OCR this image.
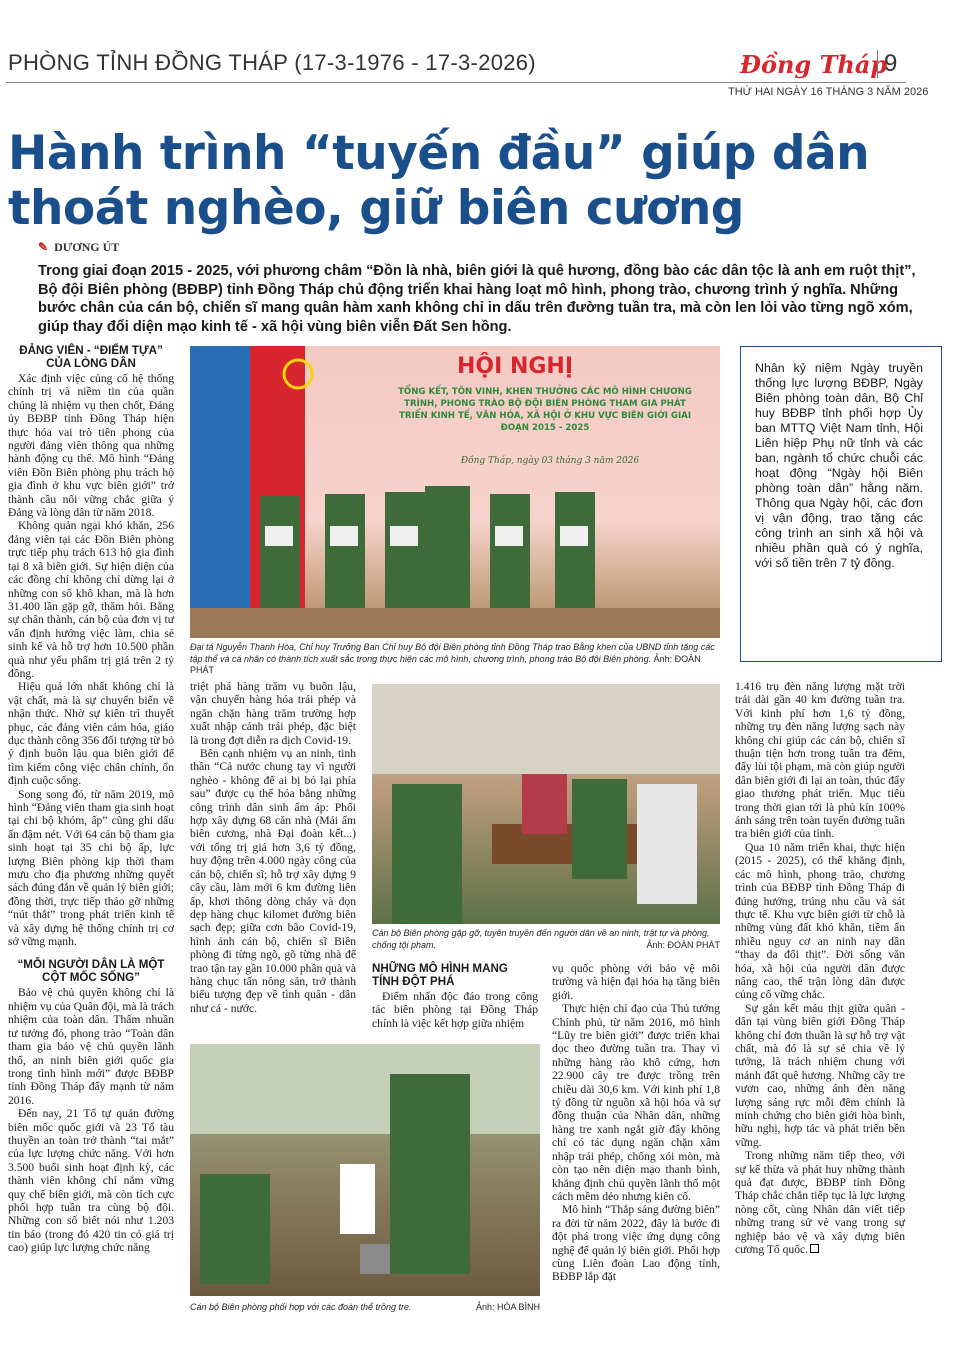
PHÒNG TỈNH ĐỒNG THÁP (17-3-1976 - 17-3-2026)	Đồng Tháp
9
THỨ HAI NGÀY 16 THÁNG 3 NĂM 2026
Hành trình “tuyến đầu” giúp dân
thoát nghèo, giữ biên cương
✎ DƯƠNG ÚT
Trong giai đoạn 2015 - 2025, với phương châm “Đồn là nhà, biên giới là quê hương, đồng bào các dân tộc là anh em ruột thịt”, Bộ đội Biên phòng (BĐBP) tỉnh Đồng Tháp chủ động triển khai hàng loạt mô hình, phong trào, chương trình ý nghĩa. Những bước chân của cán bộ, chiến sĩ mang quân hàm xanh không chỉ in dấu trên đường tuần tra, mà còn len lỏi vào từng ngõ xóm, giúp thay đổi diện mạo kinh tế - xã hội vùng biên viễn Đất Sen hồng.
ĐẢNG VIÊN - “ĐIỂM TỰA” CỦA LÒNG DÂN

Xác định việc củng cố hệ thống chính trị và niềm tin của quần chúng là nhiệm vụ then chốt, Đảng ủy BĐBP tỉnh Đồng Tháp hiện thực hóa vai trò tiên phong của người đảng viên thông qua những hành động cụ thể. Mô hình “Đảng viên Đồn Biên phòng phụ trách hộ gia đình ở khu vực biên giới” trở thành cầu nối vững chắc giữa ý Đảng và lòng dân từ năm 2018.

Không quản ngại khó khăn, 256 đảng viên tại các Đồn Biên phòng trực tiếp phụ trách 613 hộ gia đình tại 8 xã biên giới. Sự hiện diện của các đồng chí không chỉ dừng lại ở những con số khô khan, mà là hơn 31.400 lần gặp gỡ, thăm hỏi. Bằng sự chân thành, cán bộ của đơn vị tư vấn định hướng việc làm, chia sẻ sinh kế và hỗ trợ hơn 10.500 phần quà như yếu phẩm trị giá trên 2 tỷ đồng.

Hiệu quả lớn nhất không chỉ là vật chất, mà là sự chuyển biến về nhận thức. Nhờ sự kiên trì thuyết phục, các đảng viên cảm hóa, giáo dục thành công 356 đối tượng từ bỏ ý định buôn lậu qua biên giới để tìm kiếm công việc chân chính, ổn định cuộc sống.

Song song đó, từ năm 2019, mô hình “Đảng viên tham gia sinh hoạt tại chi bộ khóm, ấp” cũng ghi dấu ấn đậm nét. Với 64 cán bộ tham gia sinh hoạt tại 35 chi bộ ấp, lực lượng Biên phòng kịp thời tham mưu cho địa phương những quyết sách đúng đắn về quản lý biên giới; đồng thời, trực tiếp tháo gỡ những “nút thắt” trong phát triển kinh tế và xây dựng hệ thống chính trị cơ sở vững mạnh.

“MỖI NGƯỜI DÂN LÀ MỘT CỘT MỐC SỐNG”

Bảo vệ chủ quyền không chỉ là nhiệm vụ của Quân đội, mà là trách nhiệm của toàn dân. Thấm nhuần tư tưởng đó, phong trào “Toàn dân tham gia bảo vệ chủ quyền lãnh thổ, an ninh biên giới quốc gia trong tình hình mới” được BĐBP tỉnh Đồng Tháp đẩy mạnh từ năm 2016.

Đến nay, 21 Tổ tự quản đường biên mốc quốc giới và 23 Tổ tàu thuyền an toàn trở thành “tai mắt” của lực lượng chức năng. Với hơn 3.500 buổi sinh hoạt định kỳ, các thành viên không chỉ nắm vững quy chế biên giới, mà còn tích cực phối hợp tuần tra cùng bộ đội. Những con số biết nói như 1.203 tin báo (trong đó 420 tin có giá trị cao) giúp lực lượng chức năng

HỘI NGHỊ
TỔNG KẾT, TÔN VINH, KHEN THƯỞNG CÁC MÔ HÌNH CHƯƠNG TRÌNH, PHONG TRÀO BỘ ĐỘI BIÊN PHÒNG THAM GIA PHÁT TRIỂN KINH TẾ, VĂN HÓA, XÃ HỘI Ở KHU VỰC BIÊN GIỚI GIAI ĐOẠN 2015 - 2025
Đồng Tháp, ngày 03 tháng 3 năm 2026
Đại tá Nguyễn Thanh Hòa, Chỉ huy Trưởng Ban Chỉ huy Bộ đội Biên phòng tỉnh Đồng Tháp trao Bằng khen của UBND tỉnh tặng các tập thể và cá nhân có thành tích xuất sắc trong thực hiện các mô hình, chương trình, phong trào Bộ đội Biên phòng. Ảnh: ĐOÀN PHÁT
Nhân kỷ niệm Ngày truyền thống lực lượng BĐBP, Ngày Biên phòng toàn dân, Bộ Chỉ huy BĐBP tỉnh phối hợp Ủy ban MTTQ Việt Nam tỉnh, Hội Liên hiệp Phụ nữ tỉnh và các ban, ngành tổ chức chuỗi các hoạt động “Ngày hội Biên phòng toàn dân” hằng năm. Thông qua Ngày hội, các đơn vị vận động, trao tặng các công trình an sinh xã hội và nhiều phần quà có ý nghĩa, với số tiền trên 7 tỷ đồng.

triệt phá hàng trăm vụ buôn lậu, vận chuyển hàng hóa trái phép và ngăn chặn hàng trăm trường hợp xuất nhập cảnh trái phép, đặc biệt là trong đợt diễn ra dịch Covid-19.

Bên cạnh nhiệm vụ an ninh, tinh thần “Cả nước chung tay vì người nghèo - không để ai bị bỏ lại phía sau” được cụ thể hóa bằng những công trình dân sinh ấm áp: Phối hợp xây dựng 68 căn nhà (Mái ấm biên cương, nhà Đại đoàn kết...) với tổng trị giá hơn 3,6 tỷ đồng, huy động trên 4.000 ngày công của cán bộ, chiến sĩ; hỗ trợ xây dựng 9 cây cầu, làm mới 6 km đường liên ấp, khơi thông dòng chảy và dọn dẹp hàng chục kilomet đường biên sạch đẹp; giữa cơn bão Covid-19, hình ảnh cán bộ, chiến sĩ Biên phòng đi từng ngõ, gõ từng nhà để trao tận tay gần 10.000 phần quà và hàng chục tấn nông sản, trở thành biểu tượng đẹp về tình quân - dân như cá - nước.

Cán bộ Biên phòng gặp gỡ, tuyên truyền đến người dân về an ninh, trật tự và phòng, chống tội phạm.	Ảnh: ĐOÀN PHÁT
NHỮNG MÔ HÌNH MANG TÍNH ĐỘT PHÁ

Điểm nhấn độc đáo trong công tác biên phòng tại Đồng Tháp chính là việc kết hợp giữa nhiệm

vụ quốc phòng với bảo vệ môi trường và hiện đại hóa hạ tầng biên giới.

Thực hiện chỉ đạo của Thủ tướng Chính phủ, từ năm 2016, mô hình “Lũy tre biên giới” được triển khai dọc theo đường tuần tra. Thay vì những hàng rào khô cứng, hơn 22.900 cây tre được trồng trên chiều dài 30,6 km. Với kinh phí 1,8 tỷ đồng từ nguồn xã hội hóa và sự đồng thuận của Nhân dân, những hàng tre xanh ngắt giờ đây không chỉ có tác dụng ngăn chặn xâm nhập trái phép, chống xói mòn, mà còn tạo nên diện mạo thanh bình, khẳng định chủ quyền lãnh thổ một cách mềm dẻo nhưng kiên cố.

Mô hình “Thắp sáng đường biên” ra đời từ năm 2022, đây là bước đi đột phá trong việc ứng dụng công nghệ để quản lý biên giới. Phối hợp cùng Liên đoàn Lao động tỉnh, BĐBP lắp đặt

1.416 trụ đèn năng lượng mặt trời trải dài gần 40 km đường tuần tra. Với kinh phí hơn 1,6 tỷ đồng, những trụ đèn năng lượng sạch này không chỉ giúp các cán bộ, chiến sĩ thuận tiện hơn trong tuần tra đêm, đẩy lùi tội phạm, mà còn giúp người dân biên giới đi lại an toàn, thúc đẩy giao thương phát triển. Mục tiêu trong thời gian tới là phủ kín 100% ánh sáng trên toàn tuyến đường tuần tra biên giới của tỉnh.

Qua 10 năm triển khai, thực hiện (2015 - 2025), có thể khẳng định, các mô hình, phong trào, chương trình của BĐBP tỉnh Đồng Tháp đi đúng hướng, trúng nhu cầu và sát thực tế. Khu vực biên giới từ chỗ là những vùng đất khó khăn, tiềm ẩn nhiều nguy cơ an ninh nay dần “thay da đổi thịt”. Đời sống văn hóa, xã hội của người dân được nâng cao, thế trận lòng dân được củng cố vững chắc.

Sự gắn kết máu thịt giữa quân - dân tại vùng biên giới Đồng Tháp không chỉ đơn thuần là sự hỗ trợ vật chất, mà đó là sự sẻ chia về lý tưởng, là trách nhiệm chung với mảnh đất quê hương. Những cây tre vươn cao, những ánh đèn năng lượng sáng rực mỗi đêm chính là minh chứng cho biên giới hòa bình, hữu nghị, hợp tác và phát triển bền vững.

Trong những năm tiếp theo, với sự kế thừa và phát huy những thành quả đạt được, BĐBP tỉnh Đồng Tháp chắc chắn tiếp tục là lực lượng nòng cốt, cùng Nhân dân viết tiếp những trang sử vẻ vang trong sự nghiệp bảo vệ và xây dựng biên cương Tổ quốc.

Cán bộ Biên phòng phối hợp với các đoàn thể trồng tre.	Ảnh: HÒA BÌNH
